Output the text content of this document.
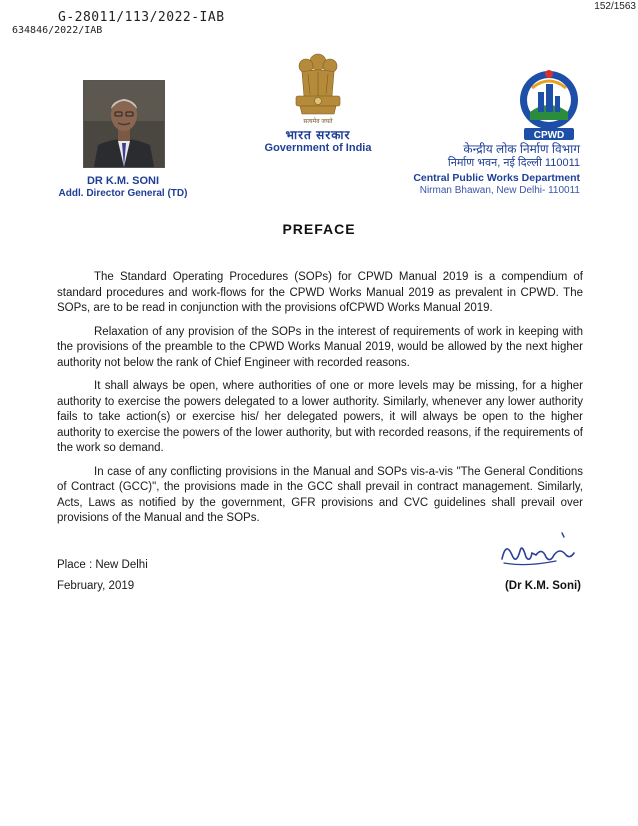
152/1563
G-28011/113/2022-IAB
634846/2022/IAB
DR K.M. SONI
Addl. Director General (TD)
सत्यमेव जयते
भारत सरकार
Government of India
CPWD
केन्द्रीय लोक निर्माण विभाग
निर्माण भवन, नई दिल्ली 110011
Central Public Works Department
Nirman Bhawan, New Delhi- 110011
PREFACE

The Standard Operating Procedures (SOPs) for CPWD Manual 2019 is a compendium of standard procedures and work-flows for the CPWD Works Manual 2019 as prevalent in CPWD. The SOPs, are to be read in conjunction with the provisions ofCPWD Works Manual 2019.

Relaxation of any provision of the SOPs in the interest of requirements of work in keeping with the provisions of the preamble to the CPWD Works Manual 2019, would be allowed by the next higher authority not below the rank of Chief Engineer with recorded reasons.

It shall always be open, where authorities of one or more levels may be missing, for a higher authority to exercise the powers delegated to a lower authority. Similarly, whenever any lower authority fails to take action(s) or exercise his/ her delegated powers, it will always be open to the higher authority to exercise the powers of the lower authority, but with recorded reasons, if the requirements of the work so demand.

In case of any conflicting provisions in the Manual and SOPs vis-a-vis "The General Conditions of Contract (GCC)", the provisions made in the GCC shall prevail in contract management. Similarly, Acts, Laws as notified by the government, GFR provisions and CVC guidelines shall prevail over provisions of the Manual and the SOPs.

Place : New Delhi
February, 2019	(Dr K.M. Soni)
